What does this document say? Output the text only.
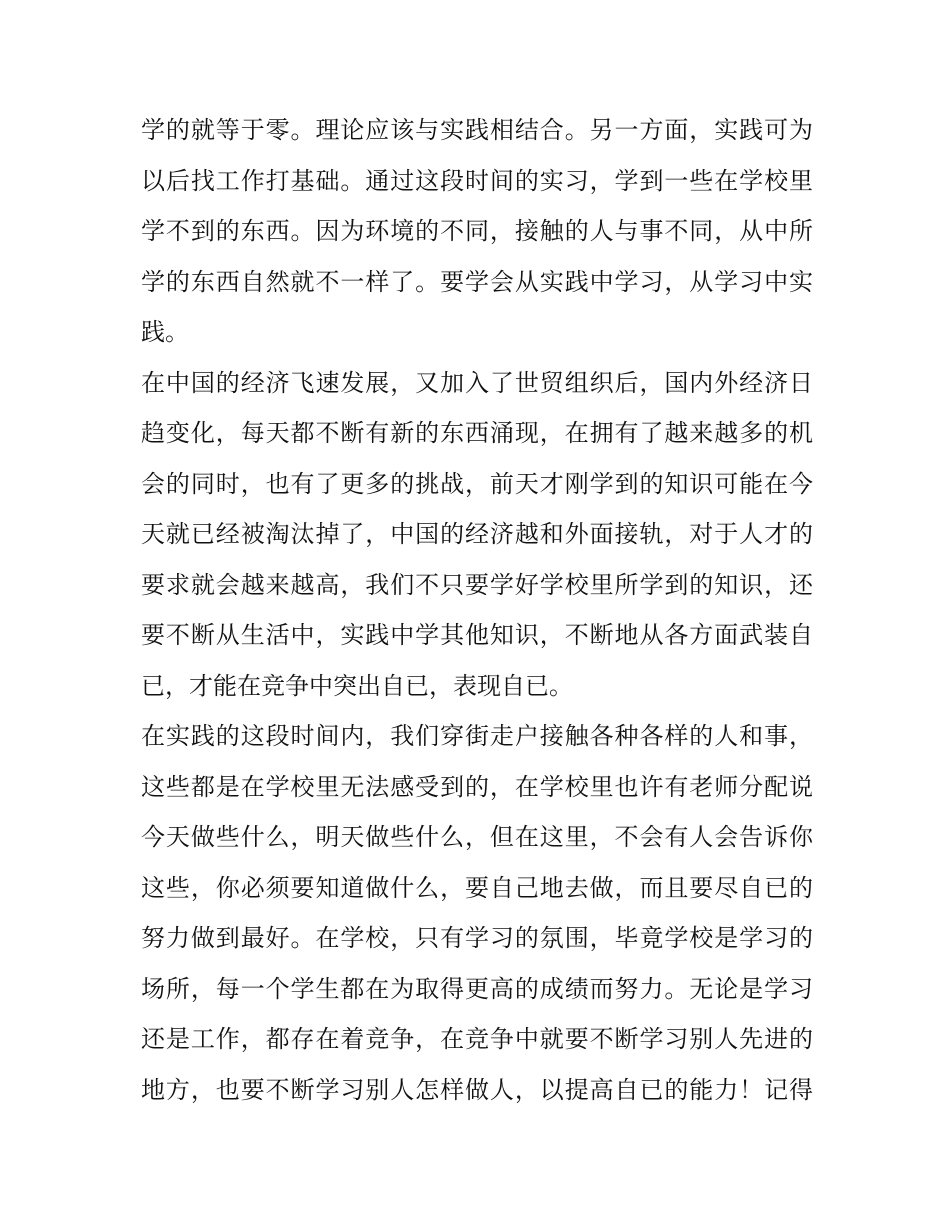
学的就等于零。理论应该与实践相结合。另一方面，实践可为
以后找工作打基础。通过这段时间的实习，学到一些在学校里
学不到的东西。因为环境的不同，接触的人与事不同，从中所
学的东西自然就不一样了。要学会从实践中学习，从学习中实
践。
在中国的经济飞速发展，又加入了世贸组织后，国内外经济日
趋变化，每天都不断有新的东西涌现，在拥有了越来越多的机
会的同时，也有了更多的挑战，前天才刚学到的知识可能在今
天就已经被淘汰掉了，中国的经济越和外面接轨，对于人才的
要求就会越来越高，我们不只要学好学校里所学到的知识，还
要不断从生活中，实践中学其他知识，不断地从各方面武装自
已，才能在竞争中突出自已，表现自已。
在实践的这段时间内，我们穿街走户接触各种各样的人和事，
这些都是在学校里无法感受到的，在学校里也许有老师分配说
今天做些什么，明天做些什么，但在这里，不会有人会告诉你
这些，你必须要知道做什么，要自己地去做，而且要尽自已的
努力做到最好。在学校，只有学习的氛围，毕竟学校是学习的
场所，每一个学生都在为取得更高的成绩而努力。无论是学习
还是工作，都存在着竞争，在竞争中就要不断学习别人先进的
地方，也要不断学习别人怎样做人，以提高自已的能力！记得
